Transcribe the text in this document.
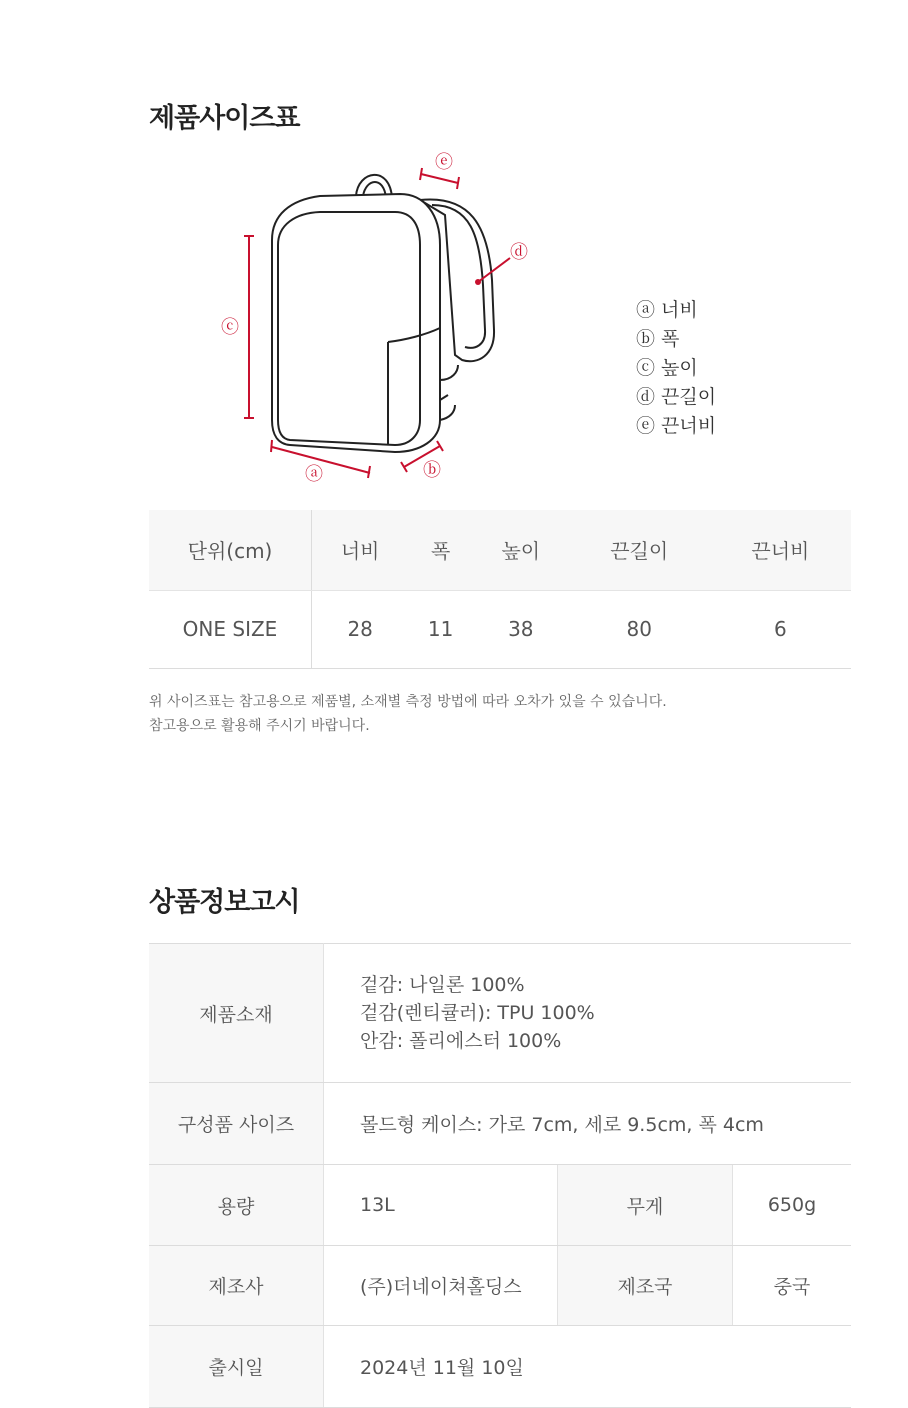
제품사이즈표
ⓒ
ⓐ	ⓑ
ⓓ
ⓔ
ⓐ 너비
ⓑ 폭
ⓒ 높이
ⓓ 끈길이
ⓔ 끈너비
단위(cm)	너비	폭	높이	끈길이	끈너비
ONE SIZE	28	11	38	80	6
위 사이즈표는 참고용으로 제품별, 소재별 측정 방법에 따라 오차가 있을 수 있습니다.
참고용으로 활용해 주시기 바랍니다.
상품정보고시
제품소재	겉감: 나일론 100%
겉감(렌티큘러): TPU 100%
안감: 폴리에스터 100%		

구성품 사이즈	몰드형 케이스: 가로 7cm, 세로 9.5cm, 폭 4cm		
용량	13L	무게	650g
제조사	(주)더네이쳐홀딩스	제조국	중국
출시일	2024년 11월 10일		
